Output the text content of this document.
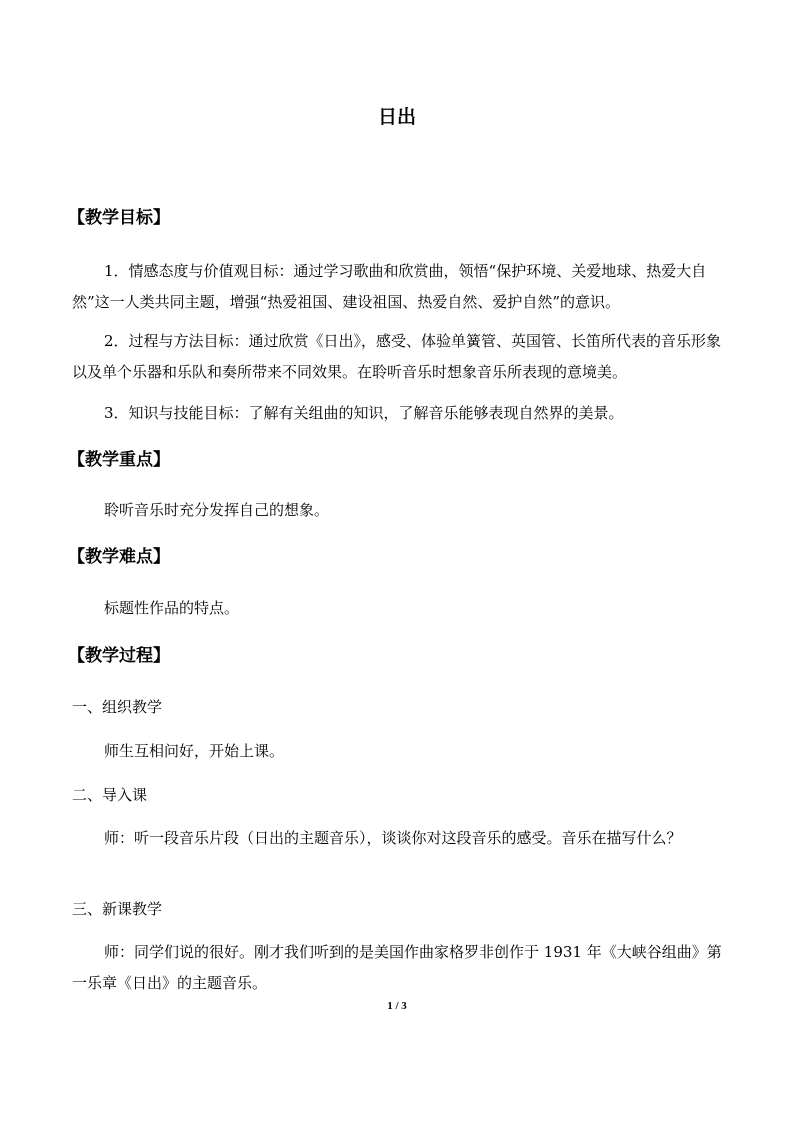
日出
【教学目标】
1．情感态度与价值观目标：通过学习歌曲和欣赏曲，领悟“保护环境、关爱地球、热爱大自然”这一人类共同主题，增强“热爱祖国、建设祖国、热爱自然、爱护自然”的意识。
2．过程与方法目标：通过欣赏《日出》，感受、体验单簧管、英国管、长笛所代表的音乐形象以及单个乐器和乐队和奏所带来不同效果。在聆听音乐时想象音乐所表现的意境美。
3．知识与技能目标：了解有关组曲的知识，了解音乐能够表现自然界的美景。
【教学重点】
聆听音乐时充分发挥自己的想象。
【教学难点】
标题性作品的特点。
【教学过程】
一、组织教学
师生互相问好，开始上课。
二、导入课
师：听一段音乐片段（日出的主题音乐），谈谈你对这段音乐的感受。音乐在描写什么？
三、新课教学
师：同学们说的很好。刚才我们听到的是美国作曲家格罗非创作于 1931 年《大峡谷组曲》第一乐章《日出》的主题音乐。
1 / 3
